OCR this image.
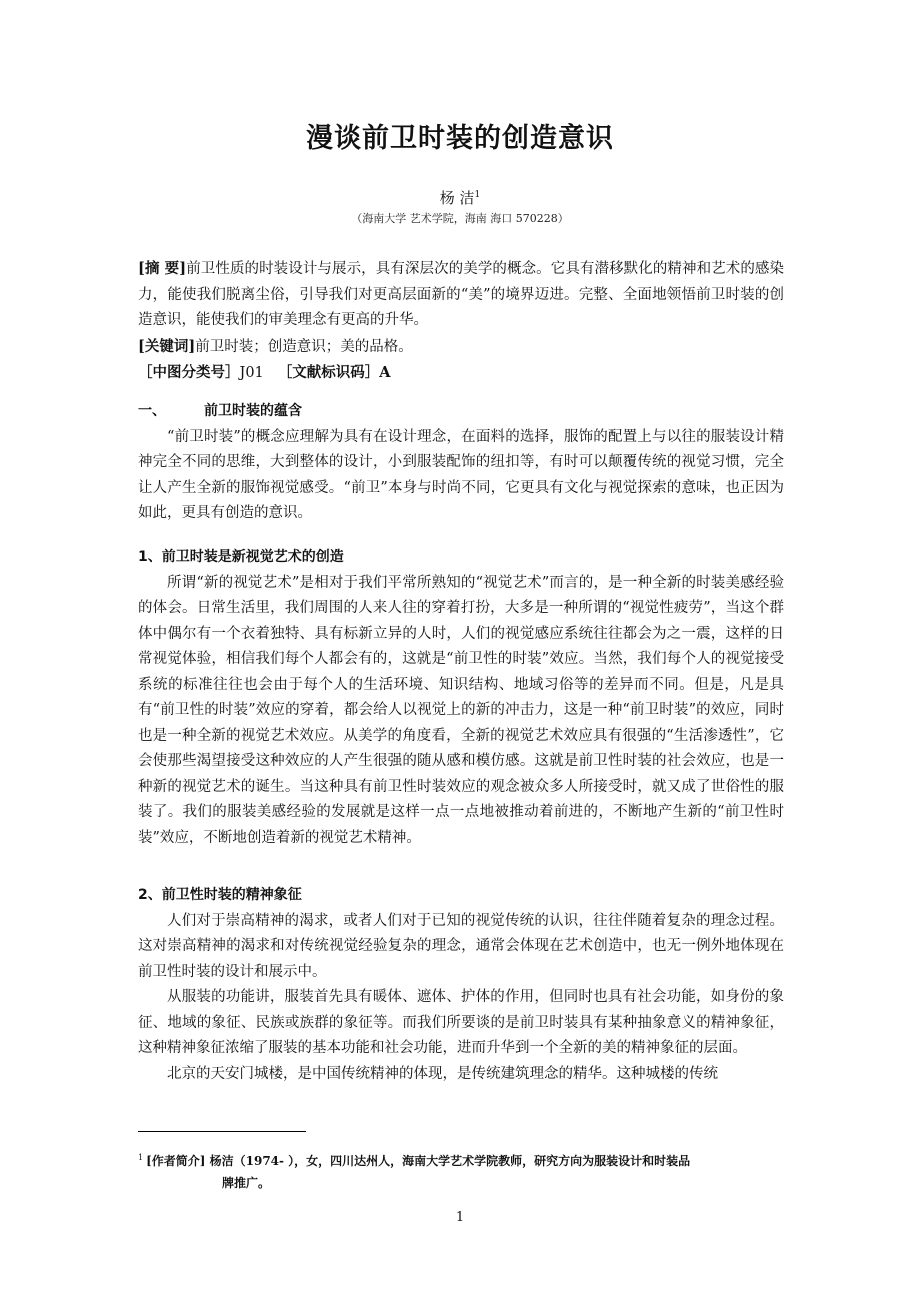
漫谈前卫时装的创造意识
杨 洁$^1$
（海南大学 艺术学院，海南 海口 570228）

[摘 要]前卫性质的时装设计与展示，具有深层次的美学的概念。它具有潜移默化的精神和艺术的感染力，能使我们脱离尘俗，引导我们对更高层面新的“美”的境界迈进。完整、全面地领悟前卫时装的创造意识，能使我们的审美理念有更高的升华。

[关键词]前卫时装；创造意识；美的品格。

［中图分类号］J01 ［文献标识码］A

一、	前卫时装的蕴含

“前卫时装”的概念应理解为具有在设计理念，在面料的选择，服饰的配置上与以往的服装设计精神完全不同的思维，大到整体的设计，小到服装配饰的纽扣等，有时可以颠覆传统的视觉习惯，完全让人产生全新的服饰视觉感受。“前卫”本身与时尚不同，它更具有文化与视觉探索的意味，也正因为如此，更具有创造的意识。

1、前卫时装是新视觉艺术的创造

所谓“新的视觉艺术”是相对于我们平常所熟知的“视觉艺术”而言的，是一种全新的时装美感经验的体会。日常生活里，我们周围的人来人往的穿着打扮，大多是一种所谓的“视觉性疲劳”，当这个群体中偶尔有一个衣着独特、具有标新立异的人时，人们的视觉感应系统往往都会为之一震，这样的日常视觉体验，相信我们每个人都会有的，这就是“前卫性的时装”效应。当然，我们每个人的视觉接受系统的标准往往也会由于每个人的生活环境、知识结构、地域习俗等的差异而不同。但是，凡是具有“前卫性的时装”效应的穿着，都会给人以视觉上的新的冲击力，这是一种“前卫时装”的效应，同时也是一种全新的视觉艺术效应。从美学的角度看，全新的视觉艺术效应具有很强的“生活渗透性”，它会使那些渴望接受这种效应的人产生很强的随从感和模仿感。这就是前卫性时装的社会效应，也是一种新的视觉艺术的诞生。当这种具有前卫性时装效应的观念被众多人所接受时，就又成了世俗性的服装了。我们的服装美感经验的发展就是这样一点一点地被推动着前进的，不断地产生新的“前卫性时装”效应，不断地创造着新的视觉艺术精神。

2、前卫性时装的精神象征

人们对于崇高精神的渴求，或者人们对于已知的视觉传统的认识，往往伴随着复杂的理念过程。这对崇高精神的渴求和对传统视觉经验复杂的理念，通常会体现在艺术创造中，也无一例外地体现在前卫性时装的设计和展示中。

从服装的功能讲，服装首先具有暖体、遮体、护体的作用，但同时也具有社会功能，如身份的象征、地域的象征、民族或族群的象征等。而我们所要谈的是前卫时装具有某种抽象意义的精神象征，这种精神象征浓缩了服装的基本功能和社会功能，进而升华到一个全新的美的精神象征的层面。

北京的天安门城楼，是中国传统精神的体现，是传统建筑理念的精华。这种城楼的传统

$^1$ [作者简介] 杨洁（1974- ），女，四川达州人，海南大学艺术学院教师，研究方向为服装设计和时装品
牌推广。
1
